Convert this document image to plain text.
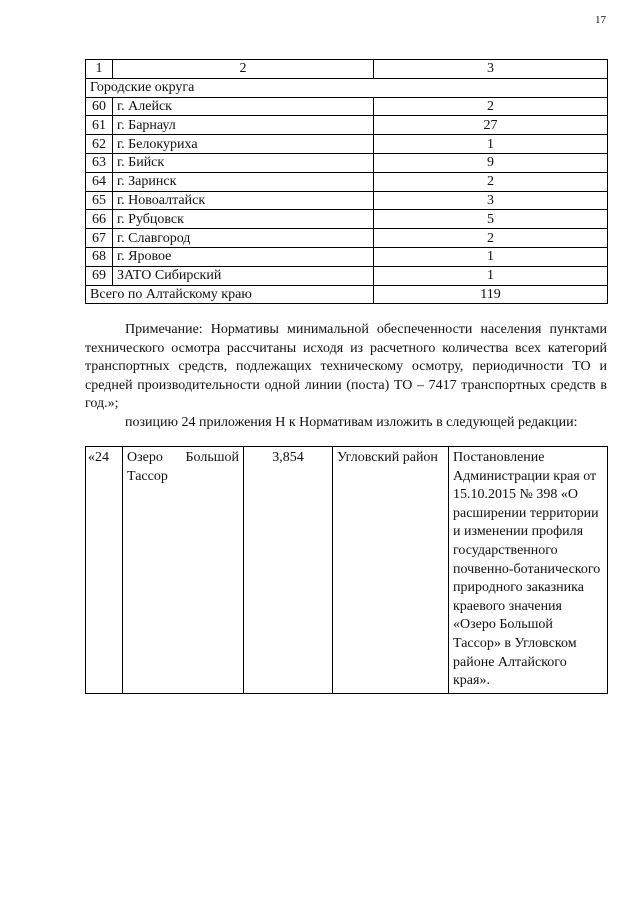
17
1	2	3
Городские округа		
60	г. Алейск	2
61	г. Барнаул	27
62	г. Белокуриха	1
63	г. Бийск	9
64	г. Заринск	2
65	г. Новоалтайск	3
66	г. Рубцовск	5
67	г. Славгород	2
68	г. Яровое	1
69	ЗАТО Сибирский	1
Всего по Алтайскому краю		119

Примечание: Нормативы минимальной обеспеченности населения пунктами технического осмотра рассчитаны исходя из расчетного количества всех категорий транспортных средств, подлежащих техническому осмотру, периодичности ТО и средней производительности одной линии (поста) ТО – 7417 транспортных средств в год.»;

позицию 24 приложения Н к Нормативам изложить в следующей редакции:

«24	Озеро Большой Тассор	3,854	Угловский район	Постановление Администрации края от 15.10.2015 № 398 «О расширении территории и изменении профиля государственного почвенно-ботанического природного заказника краевого значения «Озеро Большой Тассор» в Угловском районе Алтайского края».
